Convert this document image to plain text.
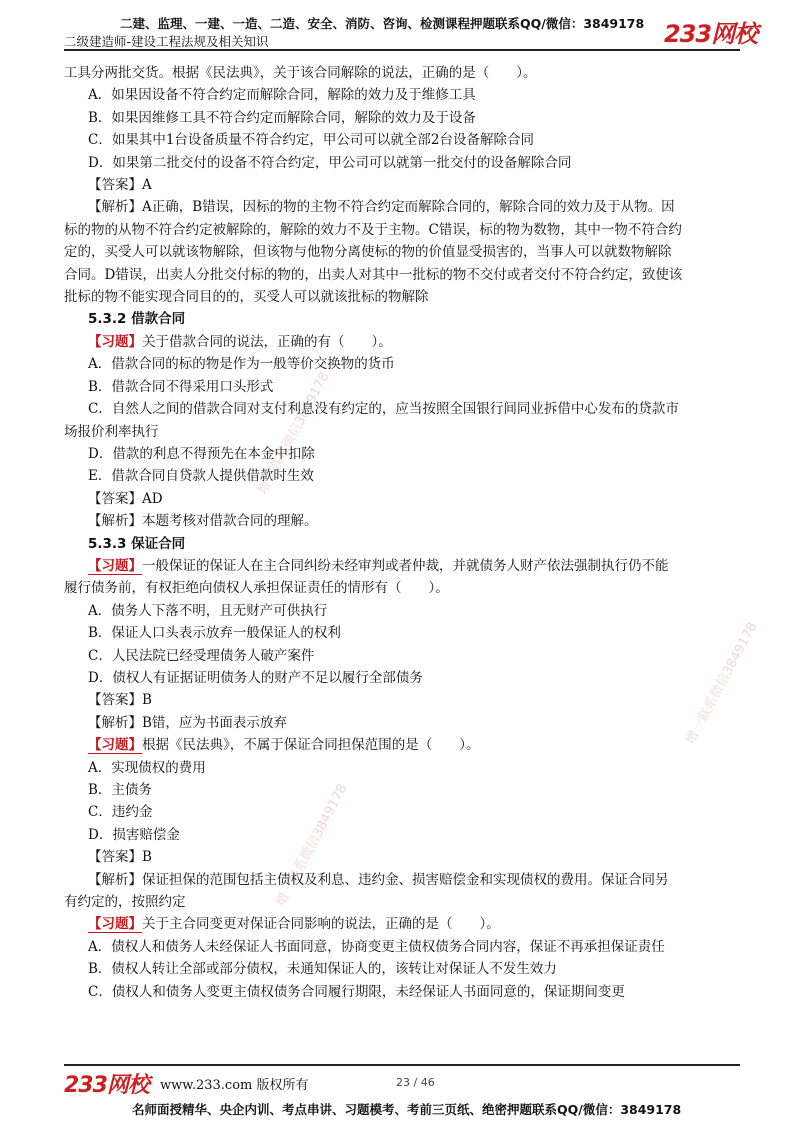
二建、监理、一建、一造、二造、安全、消防、咨询、检测课程押题联系QQ/微信：3849178
二级建造师-建设工程法规及相关知识	233网校
增一联系微信3849178
增一联系微信3849178
增一联系微信3849178
工具分两批交货。根据《民法典》，关于该合同解除的说法，正确的是（　　）。
A．如果因设备不符合约定而解除合同，解除的效力及于维修工具
B．如果因维修工具不符合约定而解除合同，解除的效力及于设备
C．如果其中1台设备质量不符合约定，甲公司可以就全部2台设备解除合同
D．如果第二批交付的设备不符合约定，甲公司可以就第一批交付的设备解除合同
【答案】A
【解析】A正确，B错误，因标的物的主物不符合约定而解除合同的，解除合同的效力及于从物。因
标的物的从物不符合约定被解除的，解除的效力不及于主物。C错误，标的物为数物，其中一物不符合约
定的，买受人可以就该物解除，但该物与他物分离使标的物的价值显受损害的，当事人可以就数物解除
合同。D错误，出卖人分批交付标的物的，出卖人对其中一批标的物不交付或者交付不符合约定，致使该
批标的物不能实现合同目的的，买受人可以就该批标的物解除
5.3.2 借款合同
【习题】关于借款合同的说法，正确的有（　　）。
A．借款合同的标的物是作为一般等价交换物的货币
B．借款合同不得采用口头形式
C．自然人之间的借款合同对支付利息没有约定的，应当按照全国银行间同业拆借中心发布的贷款市
场报价利率执行
D．借款的利息不得预先在本金中扣除
E．借款合同自贷款人提供借款时生效
【答案】AD
【解析】本题考核对借款合同的理解。
5.3.3 保证合同
【习题】一般保证的保证人在主合同纠纷未经审判或者仲裁，并就债务人财产依法强制执行仍不能
履行债务前，有权拒绝向债权人承担保证责任的情形有（　　）。
A．债务人下落不明，且无财产可供执行
B．保证人口头表示放弃一般保证人的权利
C．人民法院已经受理债务人破产案件
D．债权人有证据证明债务人的财产不足以履行全部债务
【答案】B
【解析】B错，应为书面表示放弃
【习题】根据《民法典》，不属于保证合同担保范围的是（　　）。
A．实现债权的费用
B．主债务
C．违约金
D．损害赔偿金
【答案】B
【解析】保证担保的范围包括主债权及利息、违约金、损害赔偿金和实现债权的费用。保证合同另
有约定的，按照约定
【习题】关于主合同变更对保证合同影响的说法，正确的是（　　）。
A．债权人和债务人未经保证人书面同意，协商变更主债权债务合同内容，保证不再承担保证责任
B．债权人转让全部或部分债权，未通知保证人的，该转让对保证人不发生效力
C．债权人和债务人变更主债权债务合同履行期限，未经保证人书面同意的，保证期间变更
233网校 www.233.com 版权所有	23 / 46
名师面授精华、央企内训、考点串讲、习题模考、考前三页纸、绝密押题联系QQ/微信：3849178
